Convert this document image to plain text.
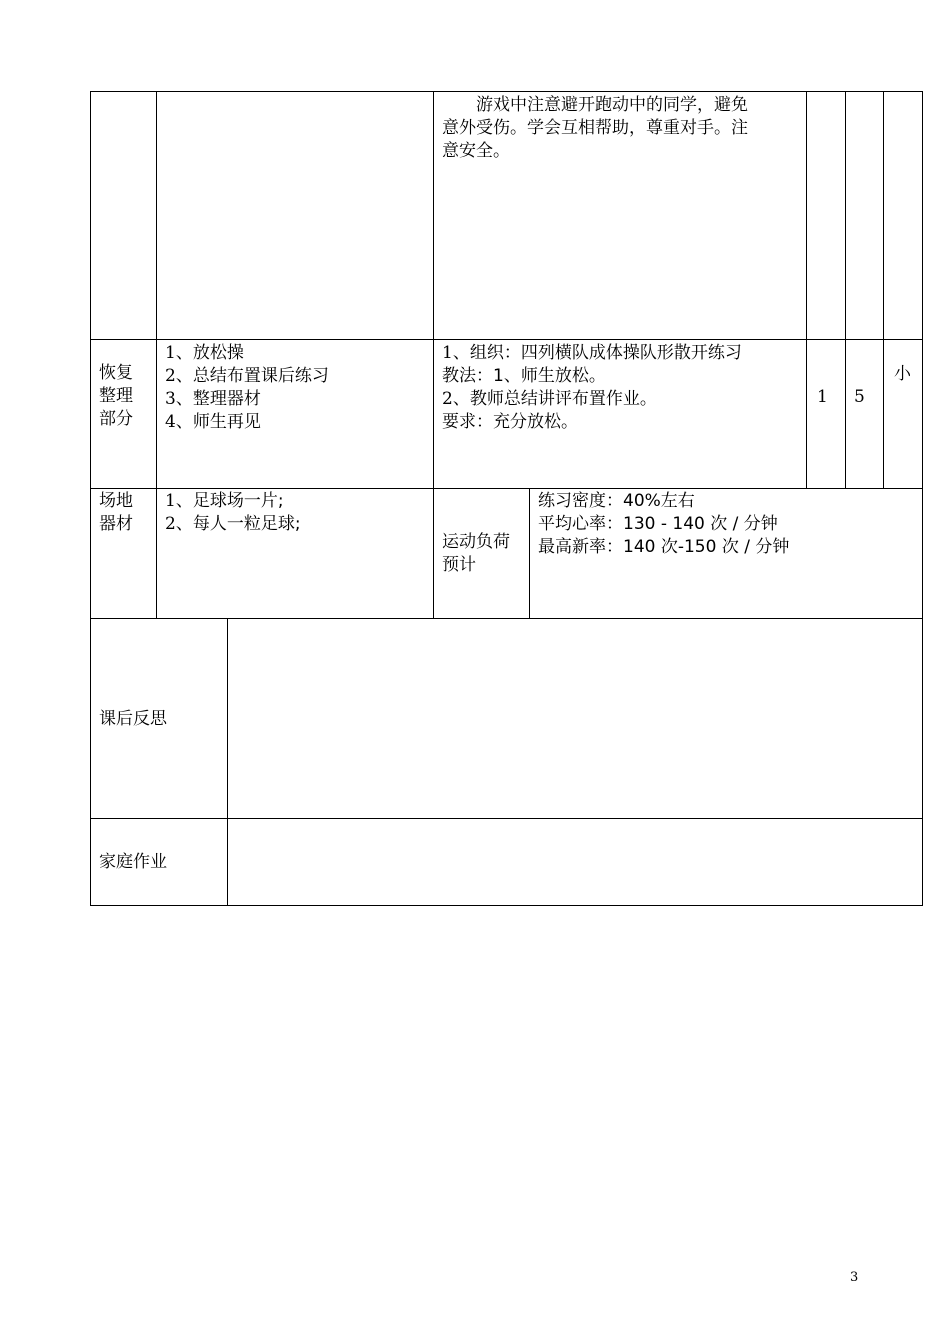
　　游戏中注意避开跑动中的同学，避免
意外受伤。学会互相帮助，尊重对手。注
意安全。
恢复
整理
部分
1、放松操
2、总结布置课后练习
3、整理器材
4、师生再见
1、组织：四列横队成体操队形散开练习
教法：1、师生放松。
2、教师总结讲评布置作业。
要求：充分放松。
1 5
小
场地
器材
1、足球场一片;
2、每人一粒足球;
运动负荷
预计
练习密度：40%左右
平均心率：130 - 140 次 / 分钟
最高新率：140 次-150 次 / 分钟
课后反思
家庭作业
3
